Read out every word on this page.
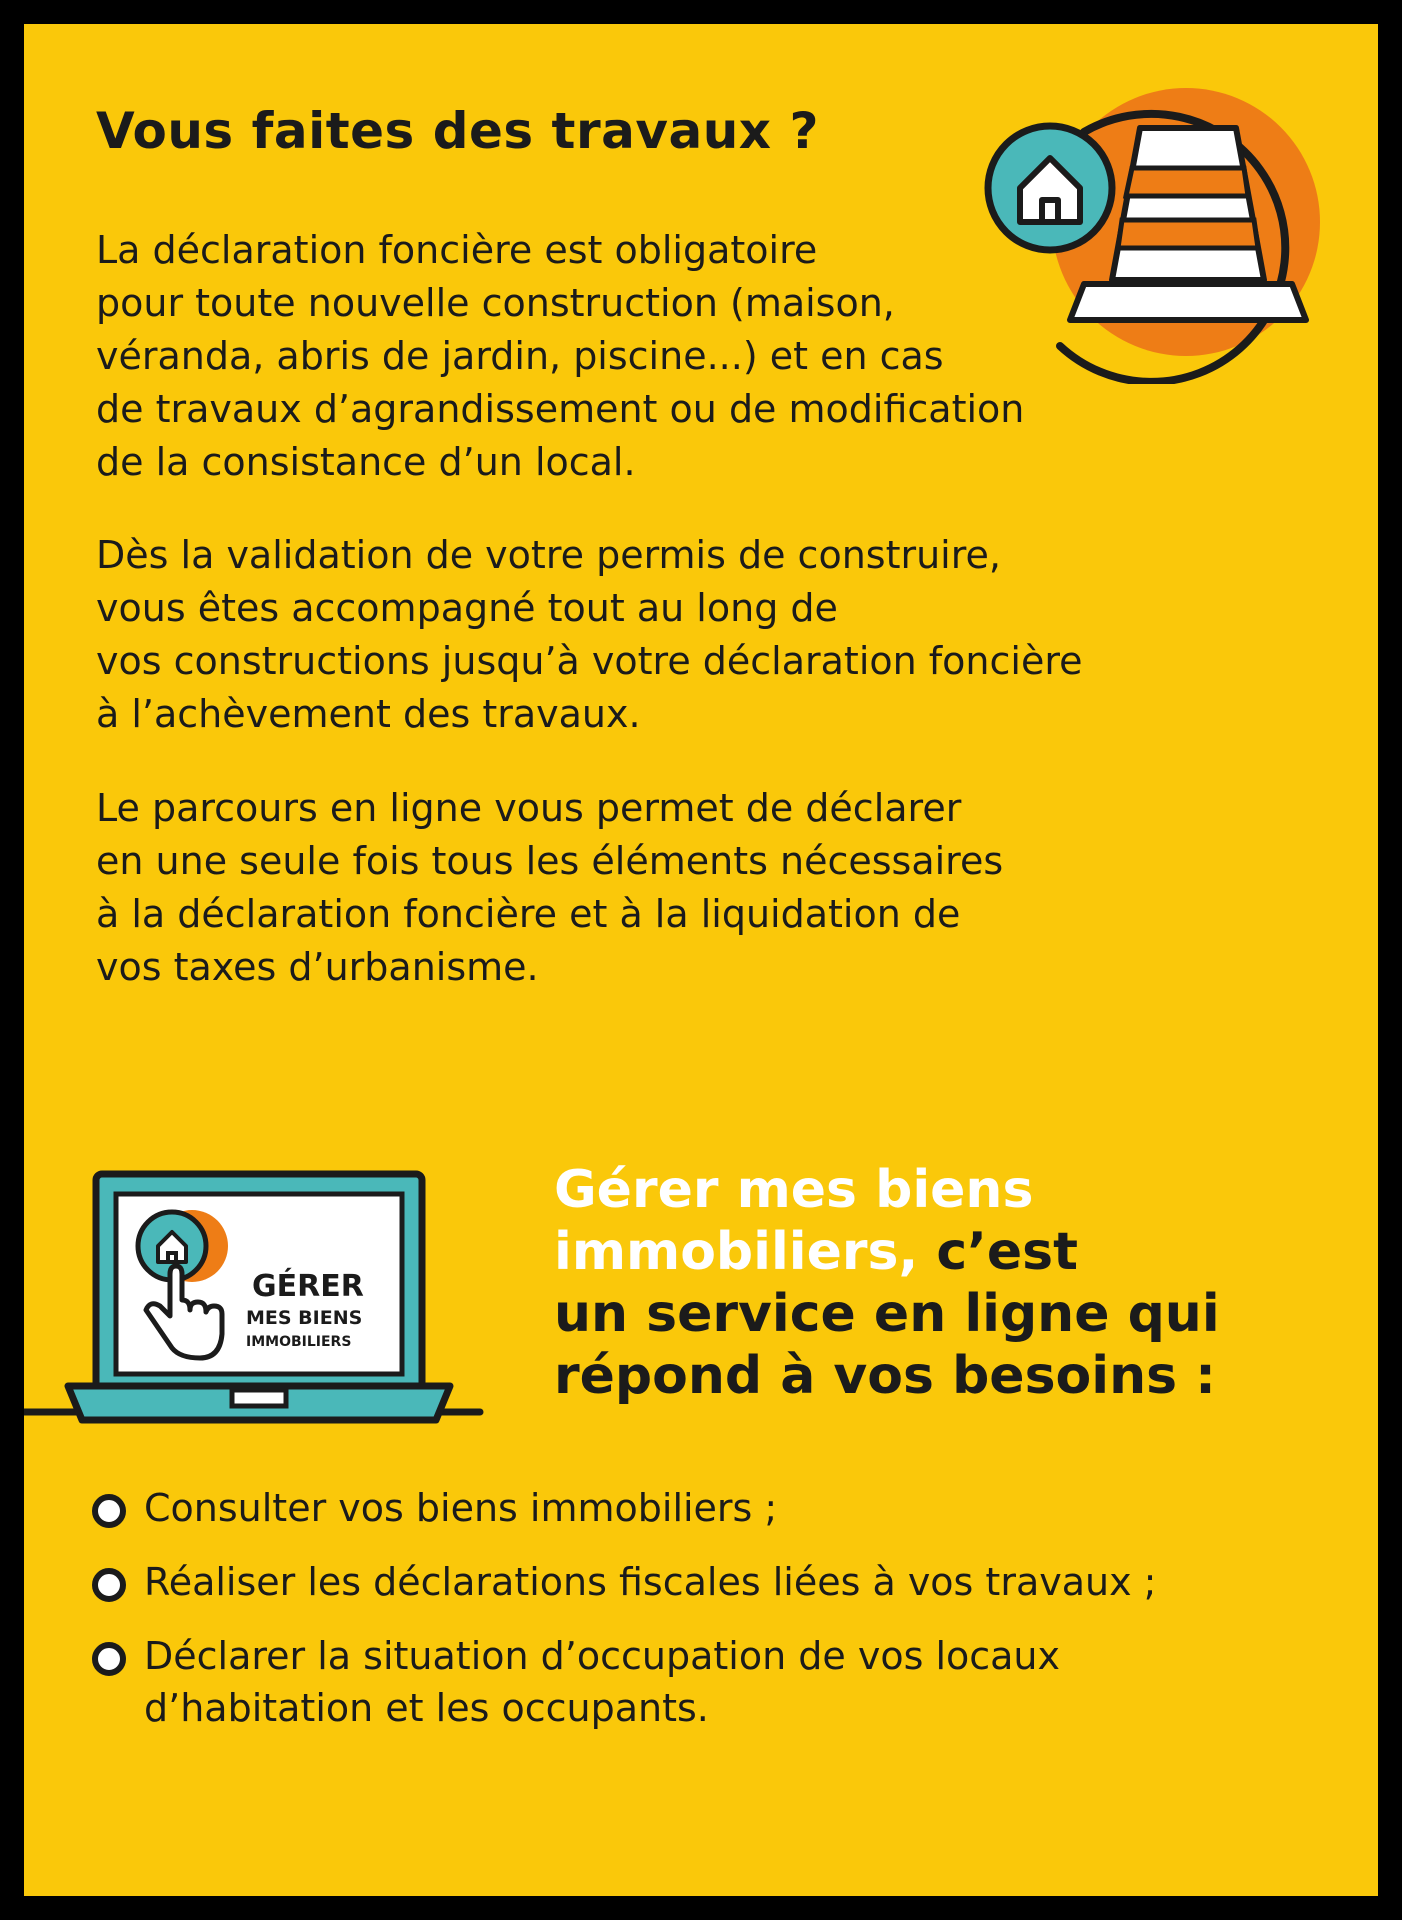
Vous faites des travaux ?

La déclaration foncière est obligatoire
pour toute nouvelle construction (maison,
véranda, abris de jardin, piscine...) et en cas
de travaux d’agrandissement ou de modification
de la consistance d’un local.

Dès la validation de votre permis de construire,
vous êtes accompagné tout au long de
vos constructions jusqu’à votre déclaration foncière
à l’achèvement des travaux.

Le parcours en ligne vous permet de déclarer
en une seule fois tous les éléments nécessaires
à la déclaration foncière et à la liquidation de
vos taxes d’urbanisme.

GÉRER
MES BIENS
IMMOBILIERS
Gérer mes biens
immobiliers, c’est
un service en ligne qui
répond à vos besoins :
Consulter vos biens immobiliers ;
Réaliser les déclarations fiscales liées à vos travaux ;
Déclarer la situation d’occupation de vos locaux
d’habitation et les occupants.
